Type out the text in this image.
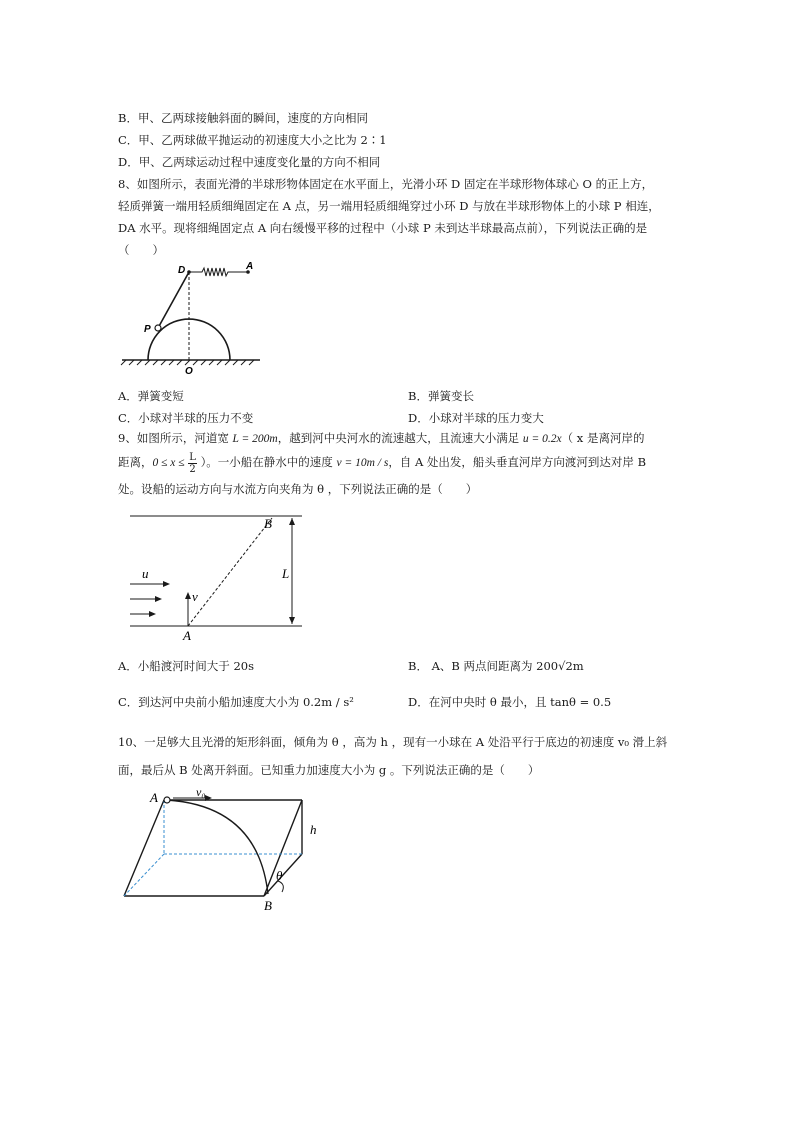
B．甲、乙两球接触斜面的瞬间，速度的方向相同
C．甲、乙两球做平抛运动的初速度大小之比为 2∶1
D．甲、乙两球运动过程中速度变化量的方向不相同
8、如图所示，表面光滑的半球形物体固定在水平面上，光滑小环 D 固定在半球形物体球心 O 的正上方，
轻质弹簧一端用轻质细绳固定在 A 点，另一端用轻质细绳穿过小环 D 与放在半球形物体上的小球 P 相连，
DA 水平。现将细绳固定点 A 向右缓慢平移的过程中（小球 P 未到达半球最高点前），下列说法正确的是
（　　）
D	A
P
O
A．弹簧变短	B．弹簧变长
C．小球对半球的压力不变	D．小球对半球的压力变大
9、如图所示，河道宽 L = 200m，越到河中央河水的流速越大，且流速大小满足 u = 0.2x（ x 是离河岸的
距离，$0 \le x \le \frac{L}{2}$ ）。一小船在静水中的速度 v = 10m / s，自 A 处出发，船头垂直河岸方向渡河到达对岸 B
处。设船的运动方向与水流方向夹角为 θ ，下列说法正确的是（　　）
B
L
u
v
A
A．小船渡河时间大于 20s	B． A、B 两点间距离为 200√2m
C．到达河中央前小船加速度大小为 0.2m / s²	D．在河中央时 θ 最小，且 tanθ = 0.5
10、一足够大且光滑的矩形斜面，倾角为 θ ，高为 h ，现有一小球在 A 处沿平行于底边的初速度 v₀ 滑上斜
面，最后从 B 处离开斜面。已知重力加速度大小为 g 。下列说法正确的是（　　）
A	v₀
h
θ
B
